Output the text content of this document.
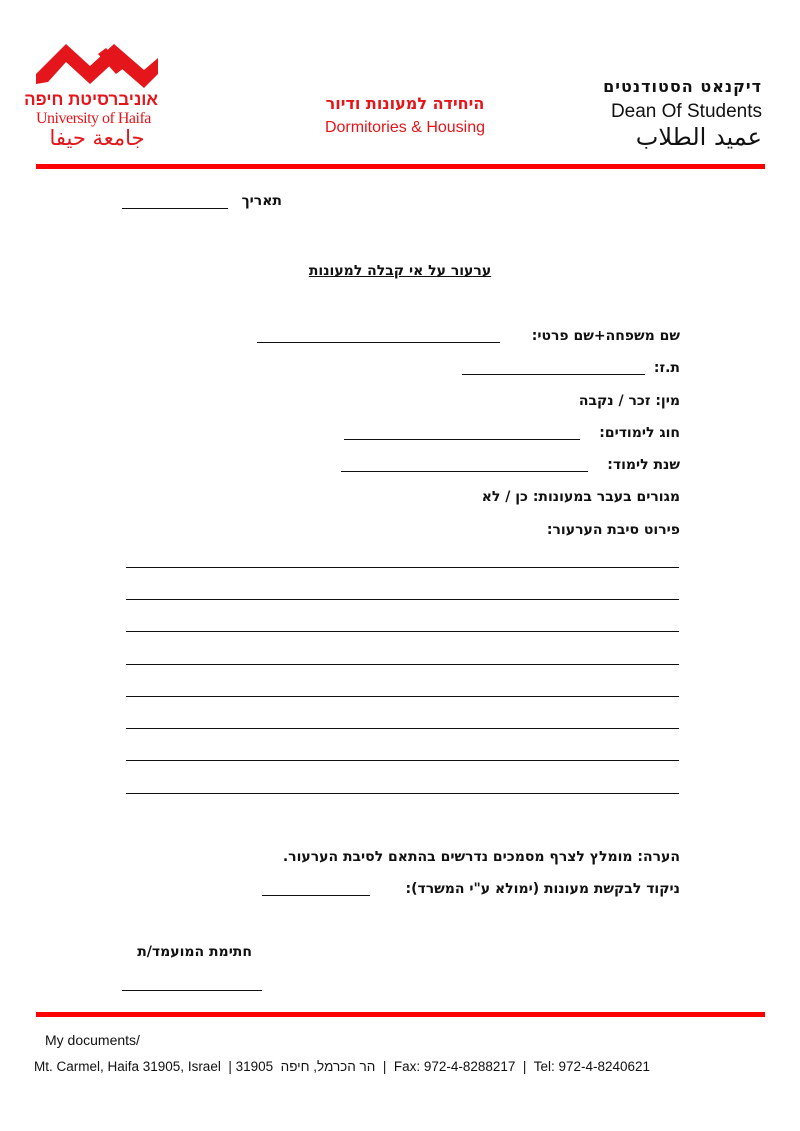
אוניברסיטת חיפה
University of Haifa
جامعة حيفا
היחידה למעונות ודיור
Dormitories & Housing
דיקנאט הסטודנטים
Dean Of Students
عميد الطلاب
תאריך
ערעור על אי קבלה למעונות
שם משפחה+שם פרטי:
ת.ז:
מין: זכר / נקבה
חוג לימודים:
שנת לימוד:
מגורים בעבר במעונות: כן / לא
פירוט סיבת הערעור:
הערה: מומלץ לצרף מסמכים נדרשים בהתאם לסיבת הערעור.
ניקוד לבקשת מעונות (ימולא ע"י המשרד):
חתימת המועמד/ת
My documents/
Mt. Carmel, Haifa 31905, Israel  | 31905  הר הכרמל, חיפה  |  Fax: 972-4-8288217  |  Tel: 972-4-8240621
